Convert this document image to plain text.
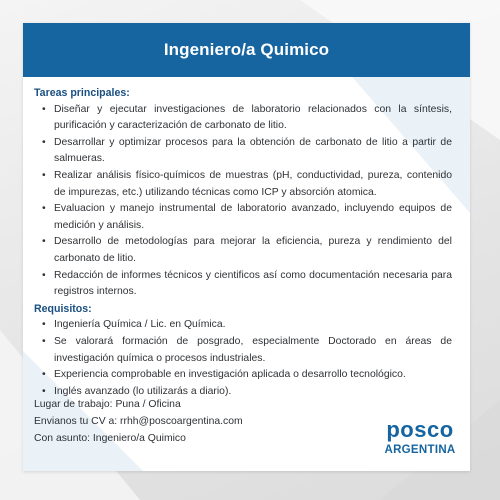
Ingeniero/a Quimico
Tareas principales:
• Diseñar y ejecutar investigaciones de laboratorio relacionados con la síntesis, purificación y caracterización de carbonato de litio.
• Desarrollar y optimizar procesos para la obtención de carbonato de litio a partir de salmueras.
• Realizar análisis físico-químicos de muestras (pH, conductividad, pureza, contenido de impurezas, etc.) utilizando técnicas como ICP y absorción atomica.
• Evaluacion y manejo instrumental de laboratorio avanzado, incluyendo equipos de medición y análisis.
• Desarrollo de metodologías para mejorar la eficiencia, pureza y rendimiento del carbonato de litio.
• Redacción de informes técnicos y cientificos así como documentación necesaria para registros internos.
Requisitos:
• Ingeniería Química / Lic. en Química.
• Se valorará formación de posgrado, especialmente Doctorado en áreas de investigación química o procesos industriales.
• Experiencia comprobable en investigación aplicada o desarrollo tecnológico.
• Inglés avanzado (lo utilizarás a diario).
Lugar de trabajo: Puna / Oficina
Envianos tu CV a: rrhh@poscoargentina.com
Con asunto: Ingeniero/a Quimico	posco
ARGENTINA
